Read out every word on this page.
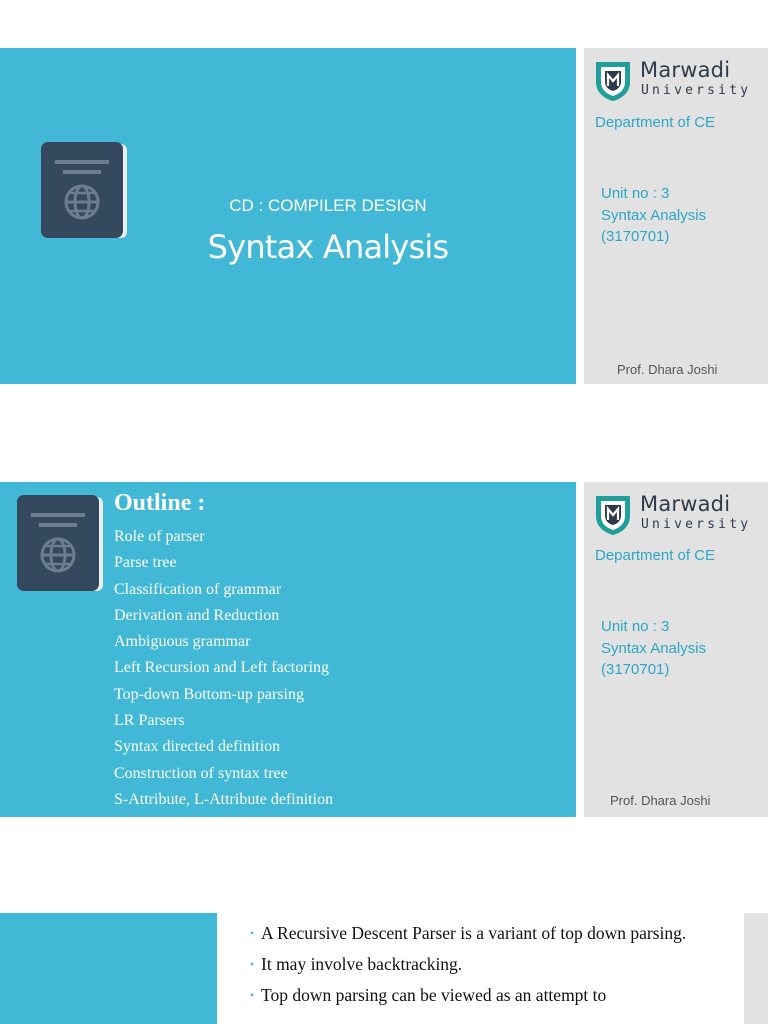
CD : COMPILER DESIGN
Syntax Analysis
Marwadi
University
Department of CE
Unit no : 3
Syntax Analysis
(3170701)
Prof. Dhara Joshi
Outline :
Role of parser
Parse tree
Classification of grammar
Derivation and Reduction
Ambiguous grammar
Left Recursion and Left factoring
Top-down Bottom-up parsing
LR Parsers
Syntax directed definition
Construction of syntax tree
S-Attribute, L-Attribute definition
Marwadi
University
Department of CE
Unit no : 3
Syntax Analysis
(3170701)
Prof. Dhara Joshi
• A Recursive Descent Parser is a variant of top down parsing.
• It may involve backtracking.
• Top down parsing can be viewed as an attempt to
